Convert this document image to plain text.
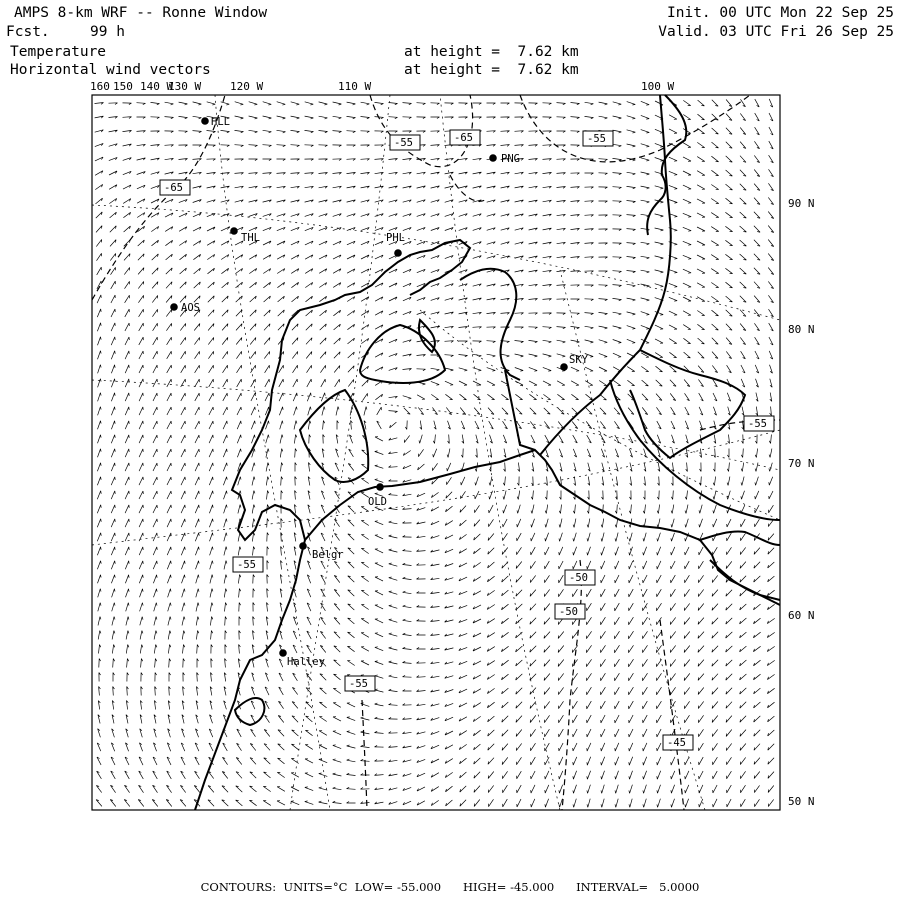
AMPS 8-km WRF -- Ronne Window
Fcst.	99 h
Init. 00 UTC Mon 22 Sep 25
Valid. 03 UTC Fri 26 Sep 25
Temperature
Horizontal wind vectors
at height =  7.62 km
at height =  7.62 km
160 150 140 W
130 W	120 W	110 W	100 W
90 N
80 N
70 N
60 N
50 N
HLL
PNG
THL	PHL
AOS
SKY
OLD
Belgr
Halley
-65
-55	-65	-55
-55
-50
-50
-55
-45
-55
CONTOURS:  UNITS=°C  LOW= -55.000      HIGH= -45.000      INTERVAL=   5.0000
